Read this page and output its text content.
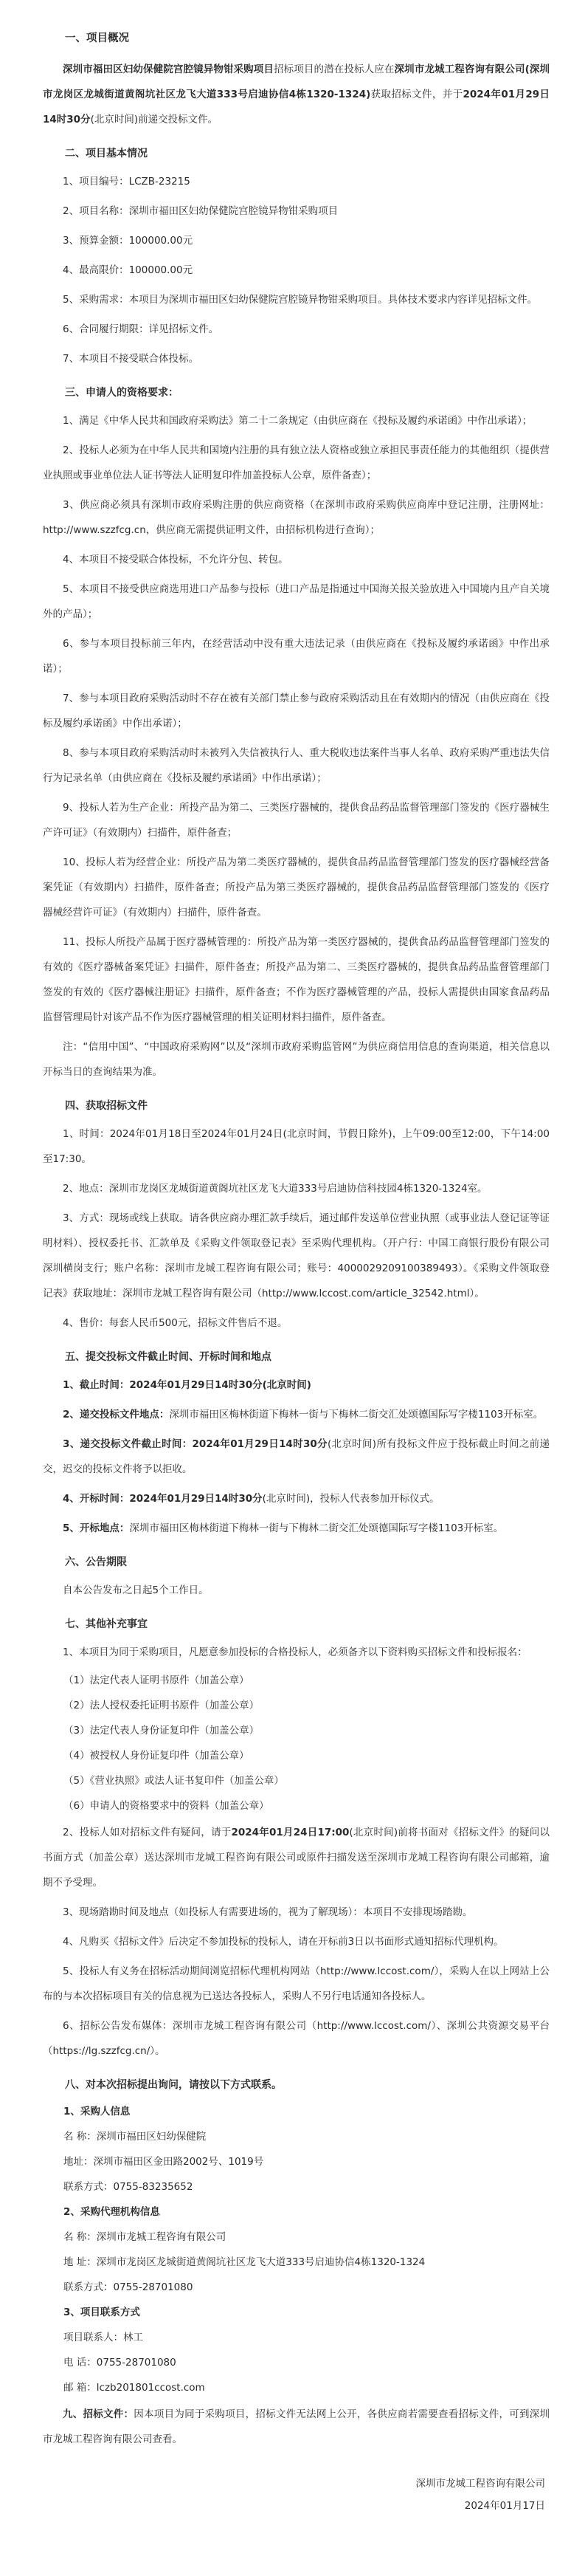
一、项目概况

深圳市福田区妇幼保健院宫腔镜异物钳采购项目招标项目的潜在投标人应在深圳市龙城工程咨询有限公司(深圳市龙岗区龙城街道黄阁坑社区龙飞大道333号启迪协信4栋1320-1324)获取招标文件，并于2024年01月29日14时30分(北京时间)前递交投标文件。

二、项目基本情况

1、项目编号：LCZB-23215

2、项目名称：深圳市福田区妇幼保健院宫腔镜异物钳采购项目

3、预算金额：100000.00元

4、最高限价：100000.00元

5、采购需求：本项目为深圳市福田区妇幼保健院宫腔镜异物钳采购项目。具体技术要求内容详见招标文件。

6、合同履行期限：详见招标文件。

7、本项目不接受联合体投标。

三、申请人的资格要求：

1、满足《中华人民共和国政府采购法》第二十二条规定（由供应商在《投标及履约承诺函》中作出承诺）；

2、投标人必须为在中华人民共和国境内注册的具有独立法人资格或独立承担民事责任能力的其他组织（提供营业执照或事业单位法人证书等法人证明复印件加盖投标人公章，原件备查）；

3、供应商必须具有深圳市政府采购注册的供应商资格（在深圳市政府采购供应商库中登记注册，注册网址：http://www.szzfcg.cn，供应商无需提供证明文件，由招标机构进行查询）；

4、本项目不接受联合体投标，不允许分包、转包。

5、本项目不接受供应商选用进口产品参与投标（进口产品是指通过中国海关报关验放进入中国境内且产自关境外的产品）；

6、参与本项目投标前三年内，在经营活动中没有重大违法记录（由供应商在《投标及履约承诺函》中作出承诺）；

7、参与本项目政府采购活动时不存在被有关部门禁止参与政府采购活动且在有效期内的情况（由供应商在《投标及履约承诺函》中作出承诺）；

8、参与本项目政府采购活动时未被列入失信被执行人、重大税收违法案件当事人名单、政府采购严重违法失信行为记录名单（由供应商在《投标及履约承诺函》中作出承诺）；

9、投标人若为生产企业：所投产品为第二、三类医疗器械的，提供食品药品监督管理部门签发的《医疗器械生产许可证》（有效期内）扫描件，原件备查；

10、投标人若为经营企业：所投产品为第二类医疗器械的，提供食品药品监督管理部门签发的医疗器械经营备案凭证（有效期内）扫描件，原件备查；所投产品为第三类医疗器械的，提供食品药品监督管理部门签发的《医疗器械经营许可证》（有效期内）扫描件，原件备查。

11、投标人所投产品属于医疗器械管理的：所投产品为第一类医疗器械的，提供食品药品监督管理部门签发的有效的《医疗器械备案凭证》扫描件，原件备查；所投产品为第二、三类医疗器械的，提供食品药品监督管理部门签发的有效的《医疗器械注册证》扫描件，原件备查；不作为医疗器械管理的产品，投标人需提供由国家食品药品监督管理局针对该产品不作为医疗器械管理的相关证明材料扫描件，原件备查。

注：“信用中国”、“中国政府采购网”以及“深圳市政府采购监管网”为供应商信用信息的查询渠道，相关信息以开标当日的查询结果为准。

四、获取招标文件

1、时间：2024年01月18日至2024年01月24日(北京时间，节假日除外)，上午09:00至12:00，下午14:00至17:30。

2、地点：深圳市龙岗区龙城街道黄阁坑社区龙飞大道333号启迪协信科技园4栋1320-1324室。

3、方式：现场或线上获取。请各供应商办理汇款手续后，通过邮件发送单位营业执照（或事业法人登记证等证明材料）、授权委托书、汇款单及《采购文件领取登记表》至采购代理机构。（开户行：中国工商银行股份有限公司深圳横岗支行；账户名称：深圳市龙城工程咨询有限公司；账号：4000029209100389493）。《采购文件领取登记表》获取地址：深圳市龙城工程咨询有限公司（http://www.lccost.com/article_32542.html）。

4、售价：每套人民币500元，招标文件售后不退。

五、提交投标文件截止时间、开标时间和地点

1、截止时间：2024年01月29日14时30分(北京时间)

2、递交投标文件地点：深圳市福田区梅林街道下梅林一街与下梅林二街交汇处颂德国际写字楼1103开标室。

3、递交投标文件截止时间：2024年01月29日14时30分(北京时间)所有投标文件应于投标截止时间之前递交，迟交的投标文件将予以拒收。

4、开标时间：2024年01月29日14时30分(北京时间)，投标人代表参加开标仪式。

5、开标地点：深圳市福田区梅林街道下梅林一街与下梅林二街交汇处颂德国际写字楼1103开标室。

六、公告期限

自本公告发布之日起5个工作日。

七、其他补充事宜

1、本项目为同于采购项目，凡愿意参加投标的合格投标人，必须备齐以下资料购买招标文件和投标报名：

（1）法定代表人证明书原件（加盖公章）

（2）法人授权委托证明书原件（加盖公章）

（3）法定代表人身份证复印件（加盖公章）

（4）被授权人身份证复印件（加盖公章）

（5）《营业执照》或法人证书复印件（加盖公章）

（6）申请人的资格要求中的资料（加盖公章）

2、投标人如对招标文件有疑问，请于2024年01月24日17:00(北京时间)前将书面对《招标文件》的疑问以书面方式（加盖公章）送达深圳市龙城工程咨询有限公司或原件扫描发送至深圳市龙城工程咨询有限公司邮箱，逾期不予受理。

3、现场踏勘时间及地点（如投标人有需要进场的，视为了解现场）：本项目不安排现场踏勘。

4、凡购买《招标文件》后决定不参加投标的投标人，请在开标前3日以书面形式通知招标代理机构。

5、投标人有义务在招标活动期间浏览招标代理机构网站（http://www.lccost.com/），采购人在以上网站上公布的与本次招标项目有关的信息视为已送达各投标人，采购人不另行电话通知各投标人。

6、招标公告发布媒体：深圳市龙城工程咨询有限公司（http://www.lccost.com/）、深圳公共资源交易平台（https://lg.szzfcg.cn/）。

八、对本次招标提出询问，请按以下方式联系。

1、采购人信息

名 称：深圳市福田区妇幼保健院

地址：深圳市福田区金田路2002号、1019号

联系方式：0755-83235652

2、采购代理机构信息

名 称：深圳市龙城工程咨询有限公司

地 址：深圳市龙岗区龙城街道黄阁坑社区龙飞大道333号启迪协信4栋1320-1324

联系方式：0755-28701080

3、项目联系方式

项目联系人：林工

电 话：0755-28701080

邮 箱：lczb201801ccost.com

九、招标文件：因本项目为同于采购项目，招标文件无法网上公开，各供应商若需要查看招标文件，可到深圳市龙城工程咨询有限公司查看。

深圳市龙城工程咨询有限公司

2024年01月17日
